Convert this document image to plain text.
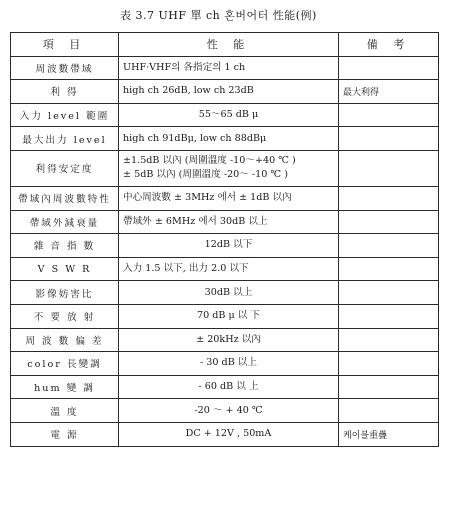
表 3.7 UHF 單 ch 혼버어터 性能(例)
項 目	性 能	備 考
周波數帶域	UHF·VHF의 各指定의 1 ch	

利 得	high ch 26dB, low ch 23dB	最大利得
入力 level 範圍	55～65 dB μ	

最大出力 level	high ch 91dBμ, low ch 88dBμ	

利得安定度	±1.5dB 以內 (周圍溫度 -10～+40 ℃ )
± 5dB 以內 (周圍溫度 -20～ -10 ℃ )	

帶域內周波數特性	中心周波數 ± 3MHz 에서 ± 1dB 以內	

帶域外減衰量	帶域外 ± 6MHz 에서 30dB 以上	

雜 音 指 數	12dB 以下	

V S W R	入力 1.5 以下, 出力 2.0 以下	

影像妨害比	30dB 以上	

不 要 放 射	70 dB μ 以 下	

周 波 數 偏 差	± 20kHz 以內	

color 長變調	- 30 dB 以上	

hum 變 調	- 60 dB 以 上	

溫 度	-20 ～ + 40 ℃	

電 源	DC + 12V , 50mA	케이블重疊
